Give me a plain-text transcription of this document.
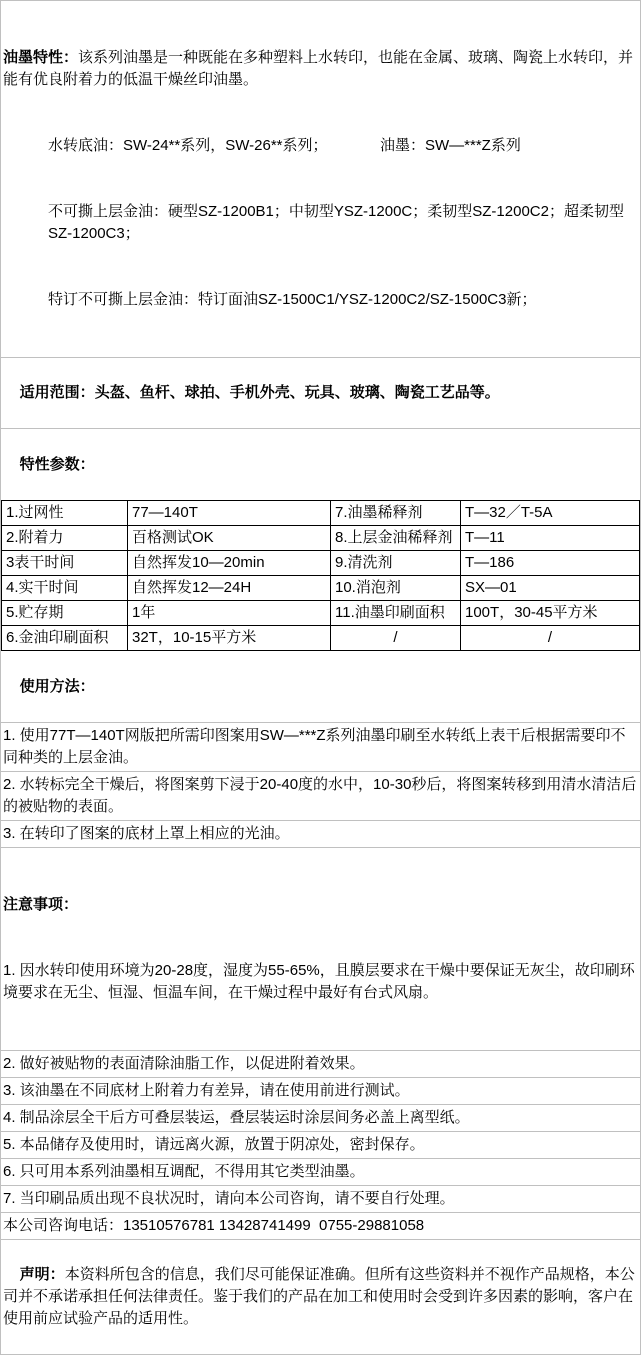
油墨特性：该系列油墨是一种既能在多种塑料上水转印，也能在金属、玻璃、陶瓷上水转印，并能有优良附着力的低温干燥丝印油墨。

水转底油：SW-24**系列，SW-26**系列；　　　　油墨：SW—***Z系列

不可撕上层金油：硬型SZ-1200B1；中韧型YSZ-1200C；柔韧型SZ-1200C2；超柔韧型SZ-1200C3；

特订不可撕上层金油：特订面油SZ-1500C1/YSZ-1200C2/SZ-1500C3新；

适用范围：头盔、鱼杆、球拍、手机外壳、玩具、玻璃、陶瓷工艺品等。

特性参数：

1.过网性	77—140T	7.油墨稀释剂	T—32／T-5A
2.附着力	百格测试OK	8.上层金油稀释剂	T—11
3表干时间	自然挥发10—20min	9.清洗剂	T—186
4.实干时间	自然挥发12—24H	10.消泡剂	SX—01
5.贮存期	1年	11.油墨印刷面积	100T，30-45平方米
6.金油印刷面积	32T，10-15平方米	/	/

使用方法：

1. 使用77T—140T网版把所需印图案用SW—***Z系列油墨印刷至水转纸上表干后根据需要印不同种类的上层金油。
2. 水转标完全干燥后，将图案剪下浸于20-40度的水中，10-30秒后，将图案转移到用清水清洁后的被贴物的表面。
3. 在转印了图案的底材上罩上相应的光油。

注意事项：

1. 因水转印使用环境为20-28度，湿度为55-65%，且膜层要求在干燥中要保证无灰尘，故印刷环境要求在无尘、恒湿、恒温车间，在干燥过程中最好有台式风扇。

2. 做好被贴物的表面清除油脂工作，以促进附着效果。
3. 该油墨在不同底材上附着力有差异，请在使用前进行测试。
4. 制品涂层全干后方可叠层装运，叠层装运时涂层间务必盖上离型纸。
5. 本品储存及使用时，请远离火源，放置于阴凉处，密封保存。
6. 只可用本系列油墨相互调配，不得用其它类型油墨。
7. 当印刷品质出现不良状况时，请向本公司咨询，请不要自行处理。
本公司咨询电话：13510576781 13428741499  0755-29881058

声明：本资料所包含的信息，我们尽可能保证准确。但所有这些资料并不视作产品规格，本公司并不承诺承担任何法律责任。鉴于我们的产品在加工和使用时会受到许多因素的影响，客户在使用前应试验产品的适用性。
